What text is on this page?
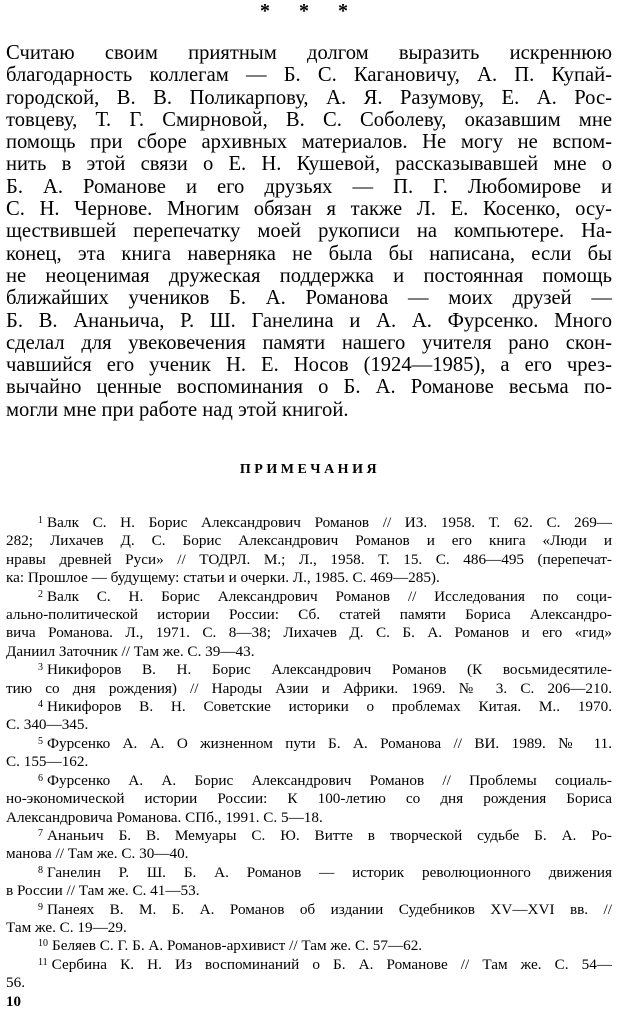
* * *
Считаю своим приятным долгом выразить искреннюю
благодарность коллегам — Б. С. Кагановичу, А. П. Купай-
городской, В. В. Поликарпову, А. Я. Разумову, Е. А. Рос-
товцеву, Т. Г. Смирновой, В. С. Соболеву, оказавшим мне
помощь при сборе архивных материалов. Не могу не вспом-
нить в этой связи о Е. Н. Кушевой, рассказывавшей мне о
Б. А. Романове и его друзьях — П. Г. Любомирове и
С. Н. Чернове. Многим обязан я также Л. Е. Косенко, осу-
ществившей перепечатку моей рукописи на компьютере. На-
конец, эта книга наверняка не была бы написана, если бы
не неоценимая дружеская поддержка и постоянная помощь
ближайших учеников Б. А. Романова — моих друзей —
Б. В. Ананьича, Р. Ш. Ганелина и А. А. Фурсенко. Много
сделал для увековечения памяти нашего учителя рано скон-
чавшийся его ученик Н. Е. Носов (1924—1985), а его чрез-
вычайно ценные воспоминания о Б. А. Романове весьма по-
могли мне при работе над этой книгой.
ПРИМЕЧАНИЯ
$^1$ Валк С. Н. Борис Александрович Романов // ИЗ. 1958. Т. 62. С. 269—
282; Лихачев Д. С. Борис Александрович Романов и его книга «Люди и
нравы древней Руси» // ТОДРЛ. М.; Л., 1958. Т. 15. С. 486—495 (перепечат-
ка: Прошлое — будущему: статьи и очерки. Л., 1985. С. 469—285).
$^2$ Валк С. Н. Борис Александрович Романов // Исследования по соци-
ально-политической истории России: Сб. статей памяти Бориса Александро-
вича Романова. Л., 1971. С. 8—38; Лихачев Д. С. Б. А. Романов и его «гид»
Даниил Заточник // Там же. С. 39—43.
$^3$ Никифоров В. Н. Борис Александрович Романов (К восьмидесятиле-
тию со дня рождения) // Народы Азии и Африки. 1969. № 3. С. 206—210.
$^4$ Никифоров В. Н. Советские историки о проблемах Китая. М.. 1970.
С. 340—345.
$^5$ Фурсенко А. А. О жизненном пути Б. А. Романова // ВИ. 1989. № 11.
С. 155—162.
$^6$ Фурсенко А. А. Борис Александрович Романов // Проблемы социаль-
но-экономической истории России: К 100-летию со дня рождения Бориса
Александровича Романова. СПб., 1991. С. 5—18.
$^7$ Ананьич Б. В. Мемуары С. Ю. Витте в творческой судьбе Б. А. Ро-
манова // Там же. С. 30—40.
$^8$ Ганелин Р. Ш. Б. А. Романов — историк революционного движения
в России // Там же. С. 41—53.
$^9$ Панеях В. М. Б. А. Романов об издании Судебников XV—XVI вв. //
Там же. С. 19—29.
$^{10}$ Беляев С. Г. Б. А. Романов-архивист // Там же. С. 57—62.
$^{11}$ Сербина К. Н. Из воспоминаний о Б. А. Романове // Там же. С. 54—
56.
10
